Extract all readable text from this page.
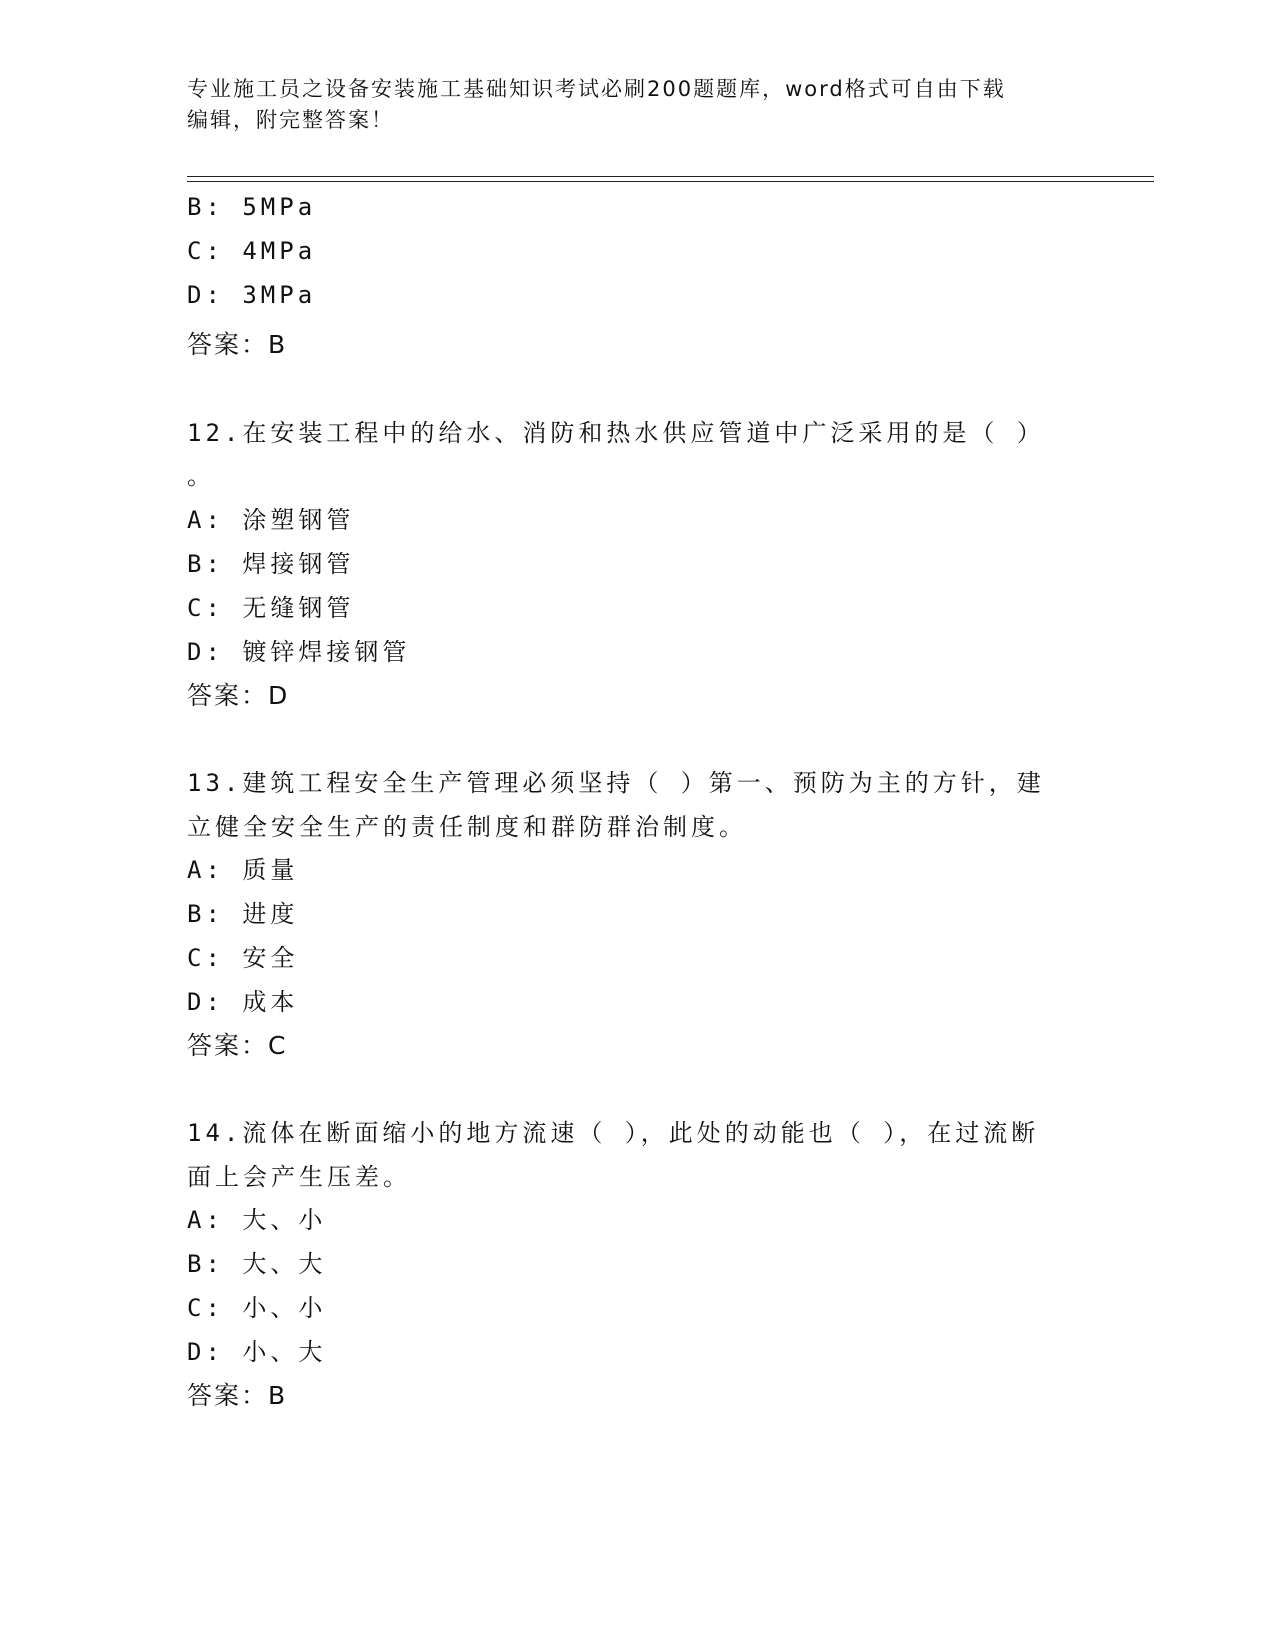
专业施工员之设备安装施工基础知识考试必刷200题题库，word格式可自由下载
编辑，附完整答案！
B: 5MPa
C: 4MPa
D: 3MPa
答案：B
12.在安装工程中的给水、消防和热水供应管道中广泛采用的是（ ）
。
A: 涂塑钢管
B: 焊接钢管
C: 无缝钢管
D: 镀锌焊接钢管
答案：D
13.建筑工程安全生产管理必须坚持（ ）第一、预防为主的方针，建
立健全安全生产的责任制度和群防群治制度。
A: 质量
B: 进度
C: 安全
D: 成本
答案：C
14.流体在断面缩小的地方流速（ ），此处的动能也（ ），在过流断
面上会产生压差。
A: 大、小
B: 大、大
C: 小、小
D: 小、大
答案：B
